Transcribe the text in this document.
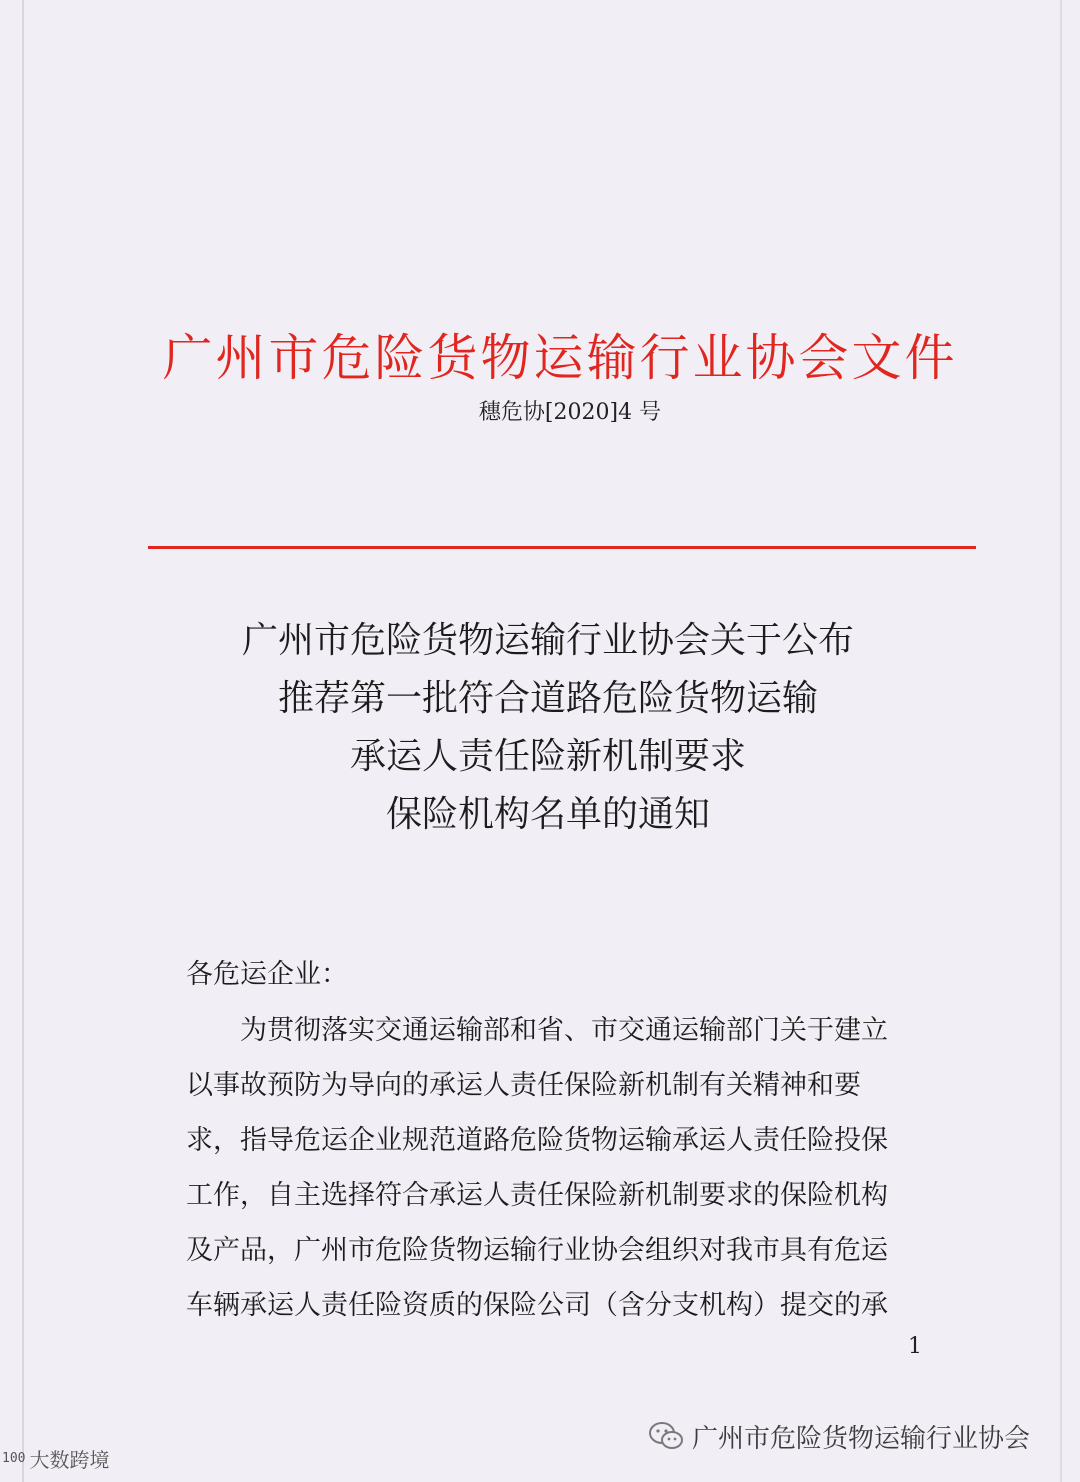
广州市危险货物运输行业协会文件
穗危协[2020]4 号
广州市危险货物运输行业协会关于公布
推荐第一批符合道路危险货物运输
承运人责任险新机制要求
保险机构名单的通知
各危运企业：
　　为贯彻落实交通运输部和省、市交通运输部门关于建立
以事故预防为导向的承运人责任保险新机制有关精神和要
求，指导危运企业规范道路危险货物运输承运人责任险投保
工作，自主选择符合承运人责任保险新机制要求的保险机构
及产品，广州市危险货物运输行业协会组织对我市具有危运
车辆承运人责任险资质的保险公司（含分支机构）提交的承
1
广州市危险货物运输行业协会
100 大数跨境
